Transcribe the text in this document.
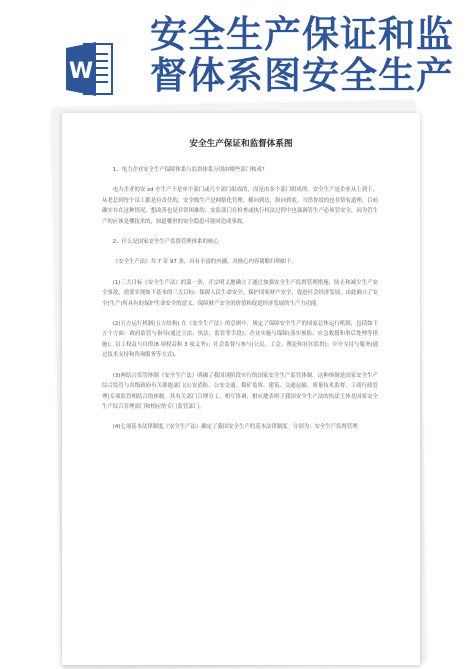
W
安全生产保证和监
督体系图安全生产
安全生产保证和监督体系图

1、电力企业安全生产保障体系与监督体系分别由哪些部门构成?

电力企业的安 zd 全生产不是单个部门或几个部门组成的，而是由多个部门组成的。安全生产是企业从上到下，从老总到每个员工都是有责任的，安全级生产是网格化管理，横向到边，纵向到底。当然你说的也非常有道理，目前确实存在这种情况，想改善也是非常困难的，安监部门在检查或执行权法过程中也强调管生产必须管安全，因为管生产的应该是懂技术的，知道哪里的安全隐患可能回造成事故。

2、什么是国家安全生产监督管理体系的核心

《安全生产法》共 7 章 97 条，具有丰富的内涵，其核心内容简略归纳如下。

(1)三大目标《安全生产法》的第一条，开宗明义地确立了通过加强安全生产监督管理措施，防止和减少生产安全事故，需要实现如下基本的三大目标：保障人民生命安全，保护国家财产安全，促进社会经济发展。由此确立了安全(生产)所具有的保护生命安全的意义、保障财产安全的价值和促进经济发展的生产力功能。

(2)五方运行机制(五方结构) 在《安全生产法》的总则中，规定了保障安全生产的国家总体运行机制，包括如下五个方面：政府监管与指导(通过立法、执法、监管等手段)；企业实施与保障(落实预防、应急救援和事后处理等措施)；员工权益与自律(8 项权益和 3 项义务)；社会监督与参与(公民、工会、舆论和社区监督)；中介支持与服务(通过技术支持和咨询服务等方式)。

(3)两结合监管体制《安全生产法》明确了我国现阶段实行的国家安全生产监管体制。这种体制是国家安全生产综合监管与各级政府有关职能部门(公安消防、公安交通、煤矿监察、建筑、交通运输、质量技术监督、工商行政管理)专项监管相结合的体制。其有关部门合理分工，相互协调，相应地表明了我国安全生产法的执法主体是国家安全生产综合管理部门和相应的专门监管部门。

(4)七项基本法律制度《安全生产法》确定了我国安全生产的基本法律制度。分别为：安全生产监督管理
